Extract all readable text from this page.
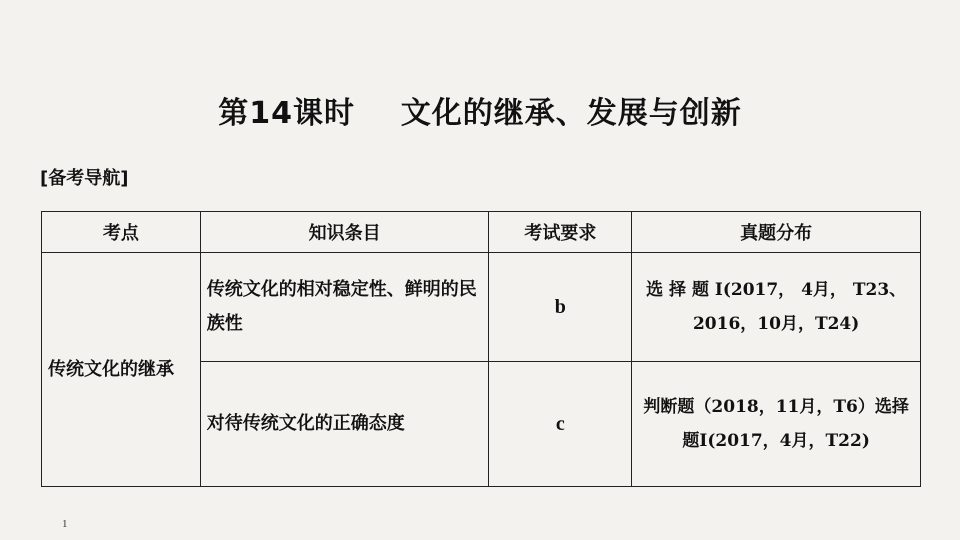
第14课时    文化的继承、发展与创新
[备考导航]
考点	知识条目	考试要求	真题分布
传统文化的继承	传统文化的相对稳定性、鲜明的民族性	b	选 择 题 I(2017， 4月， T23、2016，10月，T24)
	对待传统文化的正确态度	c	判断题（2018，11月，T6）选择题I(2017，4月，T22)
1
